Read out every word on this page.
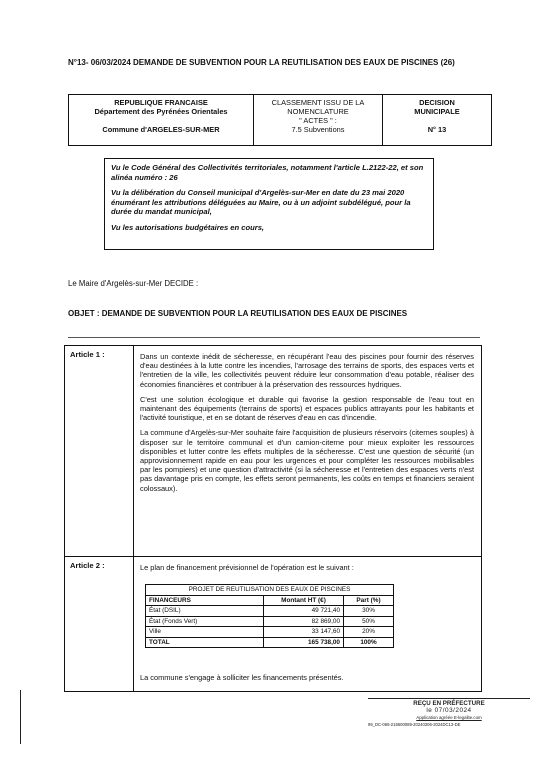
N°13- 06/03/2024 DEMANDE DE SUBVENTION POUR LA REUTILISATION DES EAUX DE PISCINES (26)
REPUBLIQUE FRANCAISE
Département des Pyrénées Orientales
Commune d'ARGELES-SUR-MER

CLASSEMENT ISSU DE LA
NOMENCLATURE
" ACTES " :
7.5 Subventions

DECISION
MUNICIPALE
N° 13

Vu le Code Général des Collectivités territoriales, notamment l'article L.2122-22, et son alinéa numéro : 26

Vu la délibération du Conseil municipal d'Argelès-sur-Mer en date du 23 mai 2020 énumérant les attributions déléguées au Maire, ou à un adjoint subdélégué, pour la durée du mandat municipal,

Vu les autorisations budgétaires en cours,

Le Maire d'Argelès-sur-Mer DECIDE :
OBJET : DEMANDE DE SUBVENTION POUR LA REUTILISATION DES EAUX DE PISCINES
Article 1 :	Dans un contexte inédit de sécheresse, en récupérant l'eau des piscines pour fournir des réserves d'eau destinées à la lutte contre les incendies, l'arrosage des terrains de sports, des espaces verts et l'entretien de la ville, les collectivités peuvent réduire leur consommation d'eau potable, réaliser des économies financières et contribuer à la préservation des ressources hydriques.

C'est une solution écologique et durable qui favorise la gestion responsable de l'eau tout en maintenant des équipements (terrains de sports) et espaces publics attrayants pour les habitants et l'activité touristique, et en se dotant de réserves d'eau en cas d'incendie.

La commune d'Argelès-sur-Mer souhaite faire l'acquisition de plusieurs réservoirs (citernes souples) à disposer sur le territoire communal et d'un camion-citerne pour mieux exploiter les ressources disponibles et lutter contre les effets multiples de la sécheresse. C'est une question de sécurité (un approvisionnement rapide en eau pour les urgences et pour compléter les ressources mobilisables par les pompiers) et une question d'attractivité (si la sécheresse et l'entretien des espaces verts n'est pas davantage pris en compte, les effets seront permanents, les coûts en temps et financiers seraient colossaux).

Article 2 :	Le plan de financement prévisionnel de l'opération est le suivant :
PROJET DE REUTILISATION DES EAUX DE PISCINES		
FINANCEURS	Montant HT (€)	Part (%)
État (DSIL)	49 721,40	30%
État (Fonds Vert)	82 869,00	50%
Ville	33 147,60	20%
TOTAL	165 738,00	100%
La commune s'engage à solliciter les financements présentés.
REÇU EN PRÉFECTURE
le 07/03/2024
Application agréée E-legalite.com
99_DC-066-216600089-20240306-2024DC13-DE
